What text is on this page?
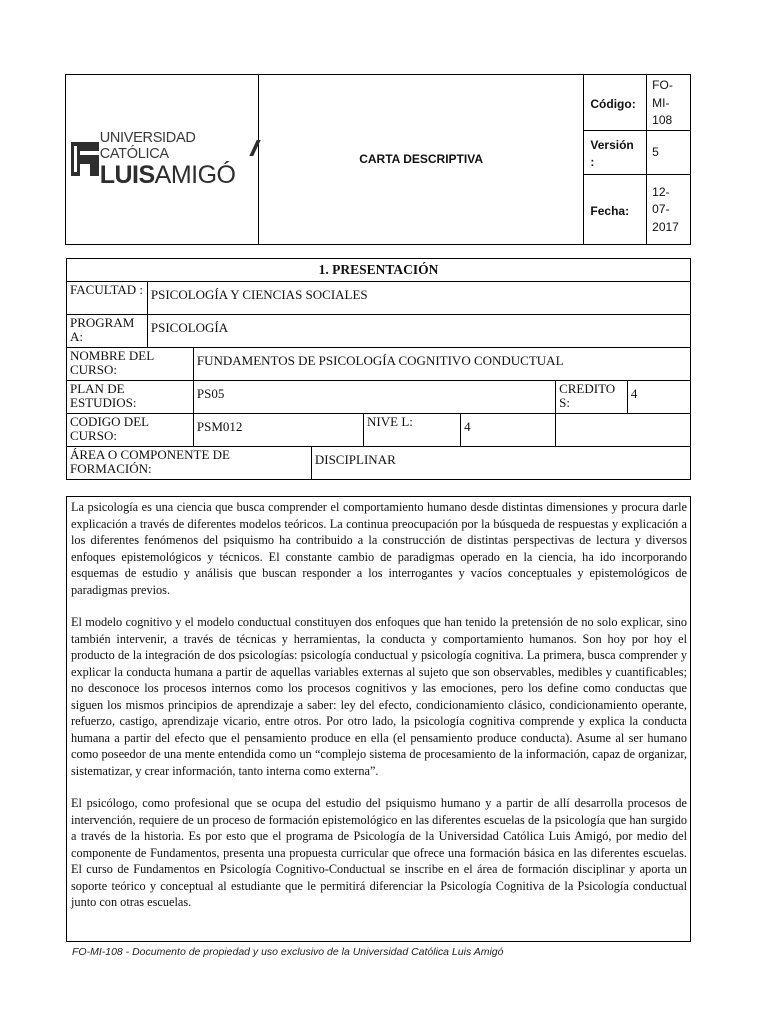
UNIVERSIDAD CATÓLICA
LUISAMIGÓ	CARTA DESCRIPTIVA	Código:	FO-MI-108

		Versión :	5
		Fecha:	12-07-2017
1. PRESENTACIÓN							
FACULTAD :	PSICOLOGÍA Y CIENCIAS SOCIALES						
PROGRAM A:	PSICOLOGÍA						
NOMBRE DEL CURSO:		FUNDAMENTOS DE PSICOLOGÍA COGNITIVO CONDUCTUAL					
PLAN DE ESTUDIOS:		PS05				CREDITO S:	4
CODIGO DEL CURSO:		PSM012		NIVE L:	4		
ÁREA O COMPONENTE DE FORMACIÓN:			DISCIPLINAR				

La psicología es una ciencia que busca comprender el comportamiento humano desde distintas dimensiones y procura darle explicación a través de diferentes modelos teóricos. La continua preocupación por la búsqueda de respuestas y explicación a los diferentes fenómenos del psiquismo ha contribuido a la construcción de distintas perspectivas de lectura y diversos enfoques epistemológicos y técnicos. El constante cambio de paradigmas operado en la ciencia, ha ido incorporando esquemas de estudio y análisis que buscan responder a los interrogantes y vacíos conceptuales y epistemológicos de paradigmas previos.

El modelo cognitivo y el modelo conductual constituyen dos enfoques que han tenido la pretensión de no solo explicar, sino también intervenir, a través de técnicas y herramientas, la conducta y comportamiento humanos. Son hoy por hoy el producto de la integración de dos psicologías: psicología conductual y psicología cognitiva. La primera, busca comprender y explicar la conducta humana a partir de aquellas variables externas al sujeto que son observables, medibles y cuantificables; no desconoce los procesos internos como los procesos cognitivos y las emociones, pero los define como conductas que siguen los mismos principios de aprendizaje a saber: ley del efecto, condicionamiento clásico, condicionamiento operante, refuerzo, castigo, aprendizaje vicario, entre otros. Por otro lado, la psicología cognitiva comprende y explica la conducta humana a partir del efecto que el pensamiento produce en ella (el pensamiento produce conducta). Asume al ser humano como poseedor de una mente entendida como un “complejo sistema de procesamiento de la información, capaz de organizar, sistematizar, y crear información, tanto interna como externa”.

El psicólogo, como profesional que se ocupa del estudio del psiquismo humano y a partir de allí desarrolla procesos de intervención, requiere de un proceso de formación epistemológico en las diferentes escuelas de la psicología que han surgido a través de la historia. Es por esto que el programa de Psicología de la Universidad Católica Luis Amigó, por medio del componente de Fundamentos, presenta una propuesta curricular que ofrece una formación básica en las diferentes escuelas. El curso de Fundamentos en Psicología Cognitivo-Conductual se inscribe en el área de formación disciplinar y aporta un soporte teórico y conceptual al estudiante que le permitirá diferenciar la Psicología Cognitiva de la Psicología conductual junto con otras escuelas.

FO-MI-108 - Documento de propiedad y uso exclusivo de la Universidad Católica Luis Amigó
